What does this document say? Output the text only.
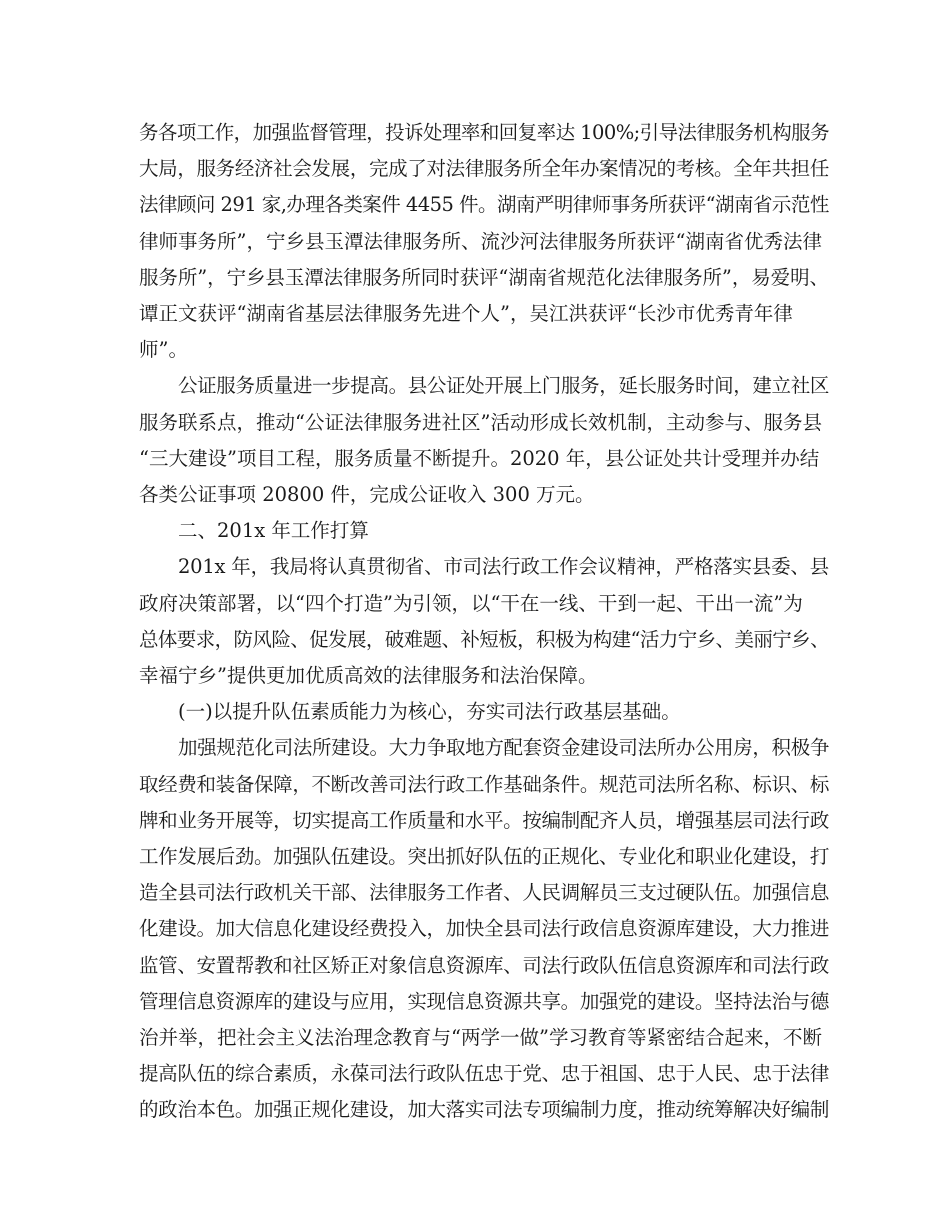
务各项工作，加强监督管理，投诉处理率和回复率达 100%;引导法律服务机构服务
大局，服务经济社会发展，完成了对法律服务所全年办案情况的考核。全年共担任
法律顾问 291 家,办理各类案件 4455 件。湖南严明律师事务所获评“湖南省示范性
律师事务所”，宁乡县玉潭法律服务所、流沙河法律服务所获评“湖南省优秀法律
服务所”，宁乡县玉潭法律服务所同时获评“湖南省规范化法律服务所”，易爱明、
谭正文获评“湖南省基层法律服务先进个人”，吴江洪获评“长沙市优秀青年律
师”。

公证服务质量进一步提高。县公证处开展上门服务，延长服务时间，建立社区
服务联系点，推动“公证法律服务进社区”活动形成长效机制，主动参与、服务县
“三大建设”项目工程，服务质量不断提升。2020 年，县公证处共计受理并办结
各类公证事项 20800 件，完成公证收入 300 万元。

二、201x 年工作打算

201x 年，我局将认真贯彻省、市司法行政工作会议精神，严格落实县委、县
政府决策部署，以“四个打造”为引领，以“干在一线、干到一起、干出一流”为
总体要求，防风险、促发展，破难题、补短板，积极为构建“活力宁乡、美丽宁乡、
幸福宁乡”提供更加优质高效的法律服务和法治保障。

(一)以提升队伍素质能力为核心，夯实司法行政基层基础。

加强规范化司法所建设。大力争取地方配套资金建设司法所办公用房，积极争
取经费和装备保障，不断改善司法行政工作基础条件。规范司法所名称、标识、标
牌和业务开展等，切实提高工作质量和水平。按编制配齐人员，增强基层司法行政
工作发展后劲。加强队伍建设。突出抓好队伍的正规化、专业化和职业化建设，打
造全县司法行政机关干部、法律服务工作者、人民调解员三支过硬队伍。加强信息
化建设。加大信息化建设经费投入，加快全县司法行政信息资源库建设，大力推进
监管、安置帮教和社区矫正对象信息资源库、司法行政队伍信息资源库和司法行政
管理信息资源库的建设与应用，实现信息资源共享。加强党的建设。坚持法治与德
治并举，把社会主义法治理念教育与“两学一做”学习教育等紧密结合起来，不断
提高队伍的综合素质，永葆司法行政队伍忠于党、忠于祖国、忠于人民、忠于法律
的政治本色。加强正规化建设，加大落实司法专项编制力度，推动统筹解决好编制
